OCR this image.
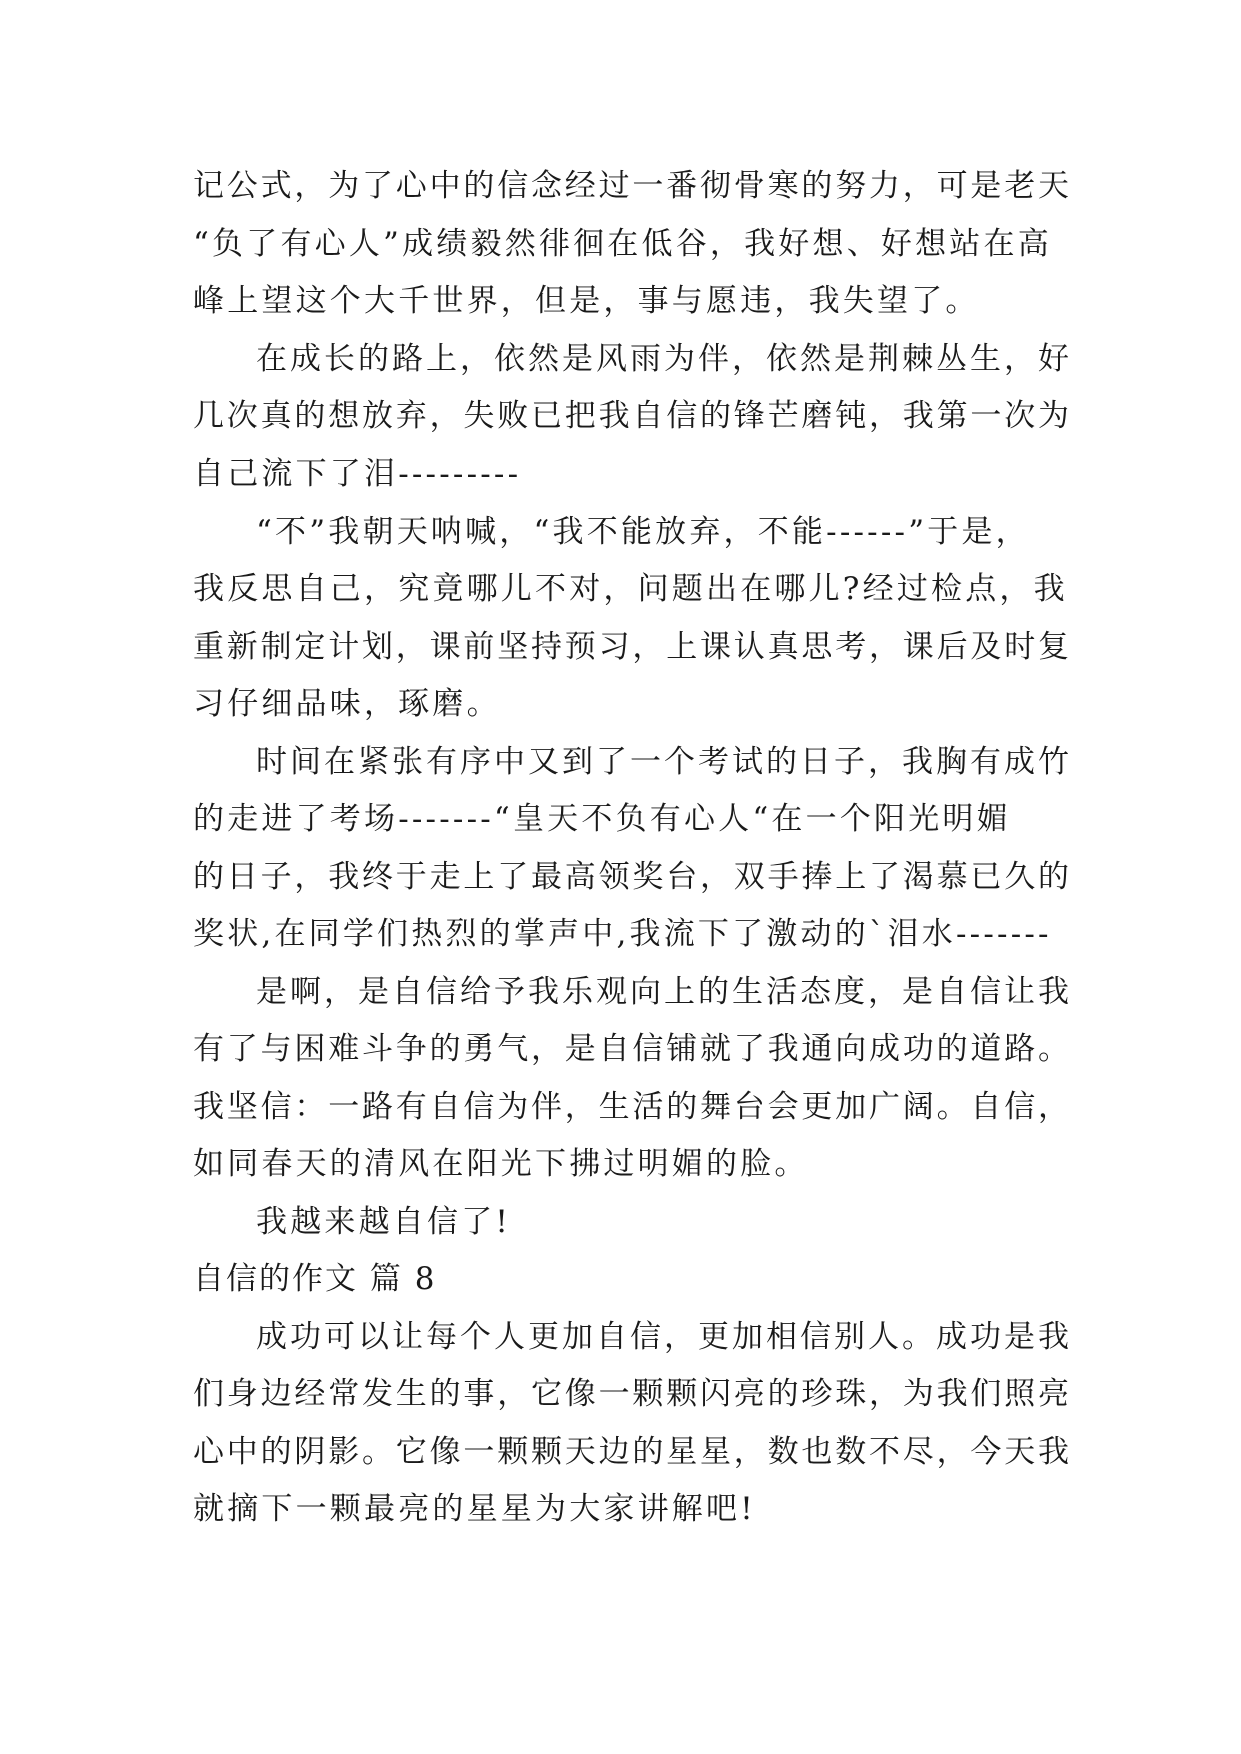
记公式，为了心中的信念经过一番彻骨寒的努力，可是老天
“负了有心人”成绩毅然徘徊在低谷，我好想、好想站在高
峰上望这个大千世界，但是，事与愿违，我失望了。
在成长的路上，依然是风雨为伴，依然是荆棘丛生，好
几次真的想放弃，失败已把我自信的锋芒磨钝，我第一次为
自己流下了泪---------
“不”我朝天呐喊，“我不能放弃，不能------”于是，
我反思自己，究竟哪儿不对，问题出在哪儿?经过检点，我
重新制定计划，课前坚持预习，上课认真思考，课后及时复
习仔细品味，琢磨。
时间在紧张有序中又到了一个考试的日子，我胸有成竹
的走进了考场-------“皇天不负有心人“在一个阳光明媚
的日子，我终于走上了最高领奖台，双手捧上了渴慕已久的
奖状,在同学们热烈的掌声中,我流下了激动的`泪水-------
是啊，是自信给予我乐观向上的生活态度，是自信让我
有了与困难斗争的勇气，是自信铺就了我通向成功的道路。
我坚信：一路有自信为伴，生活的舞台会更加广阔。自信，
如同春天的清风在阳光下拂过明媚的脸。
我越来越自信了!
自信的作文 篇 8
成功可以让每个人更加自信，更加相信别人。成功是我
们身边经常发生的事，它像一颗颗闪亮的珍珠，为我们照亮
心中的阴影。它像一颗颗天边的星星，数也数不尽，今天我
就摘下一颗最亮的星星为大家讲解吧!
